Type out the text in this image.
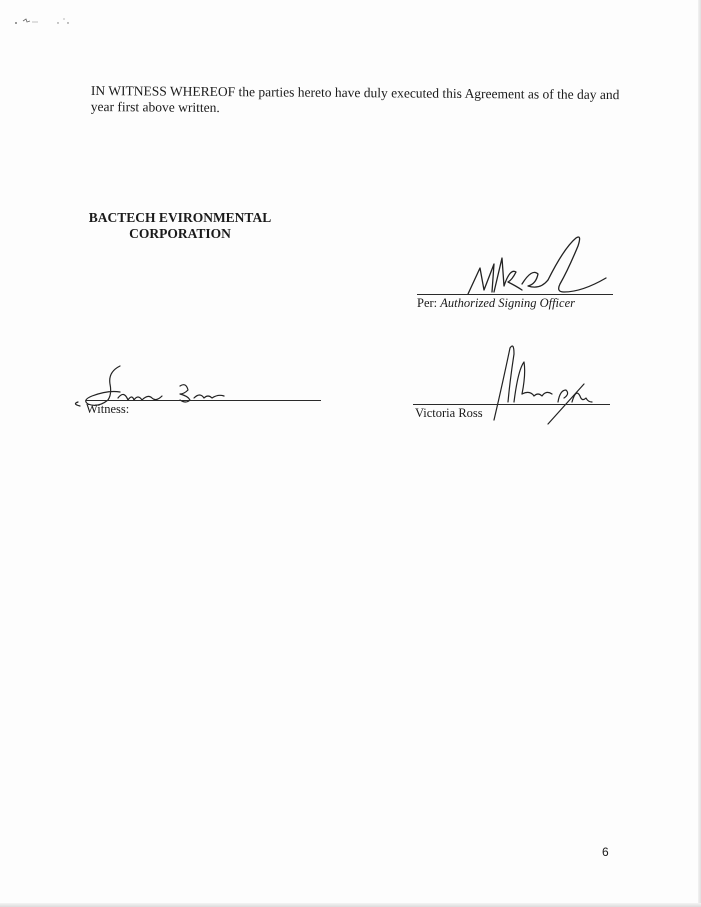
IN WITNESS WHEREOF the parties hereto have duly executed this Agreement as of the day and year first above written.

BACTECH EVIRONMENTAL
CORPORATION
Per: Authorized Signing Officer
Witness:	Victoria Ross
6
